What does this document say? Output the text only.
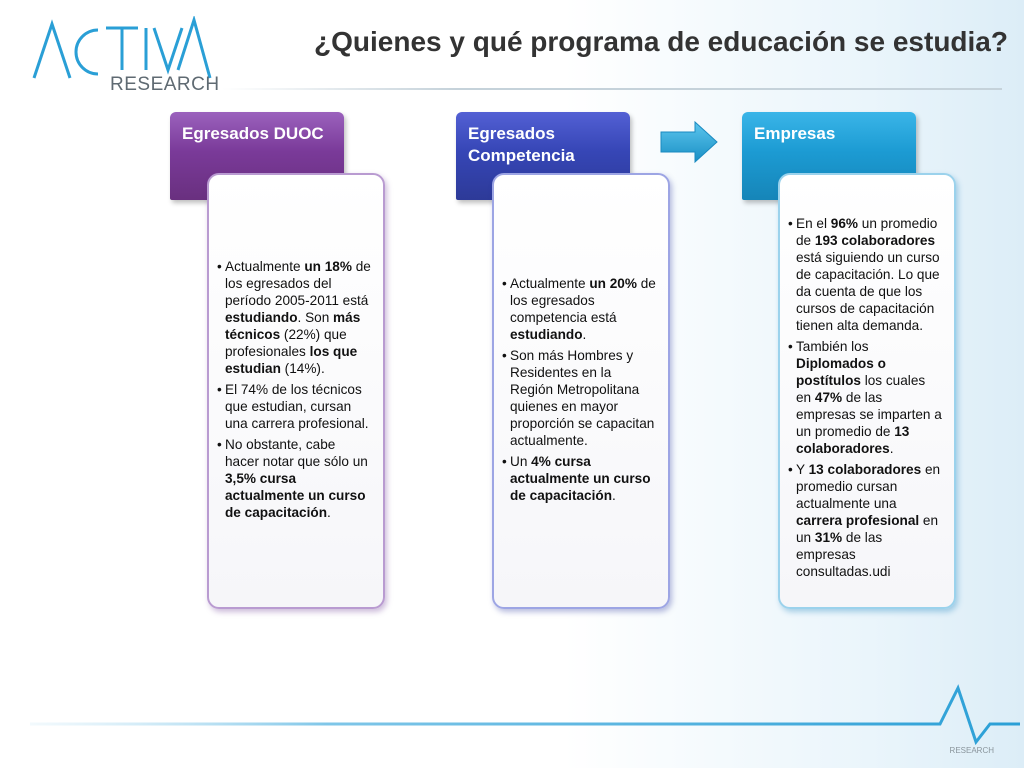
RESEARCH
¿Quienes y qué programa de educación se estudia?
Egresados DUOC	Egresados Competencia
Empresas
• Actualmente un 18% de los egresados del período 2005-2011 está estudiando. Son más técnicos (22%) que profesionales los que estudian (14%).
• El 74% de los técnicos que estudian, cursan una carrera profesional.
• No obstante, cabe hacer notar que sólo un 3,5% cursa actualmente un curso de capacitación.
• Actualmente un 20% de los egresados competencia está estudiando.
• Son más Hombres y Residentes en la Región Metropolitana quienes en mayor proporción se capacitan actualmente.
• Un 4% cursa actualmente un curso de capacitación.
• En el 96% un promedio de 193 colaboradores está siguiendo un curso de capacitación. Lo que da cuenta de que los cursos de capacitación tienen alta demanda.
• También los Diplomados o postítulos los cuales en 47% de las empresas se imparten a un promedio de 13 colaboradores.
• Y 13 colaboradores en promedio cursan actualmente una carrera profesional en un 31% de las empresas consultadas.udi
RESEARCH
